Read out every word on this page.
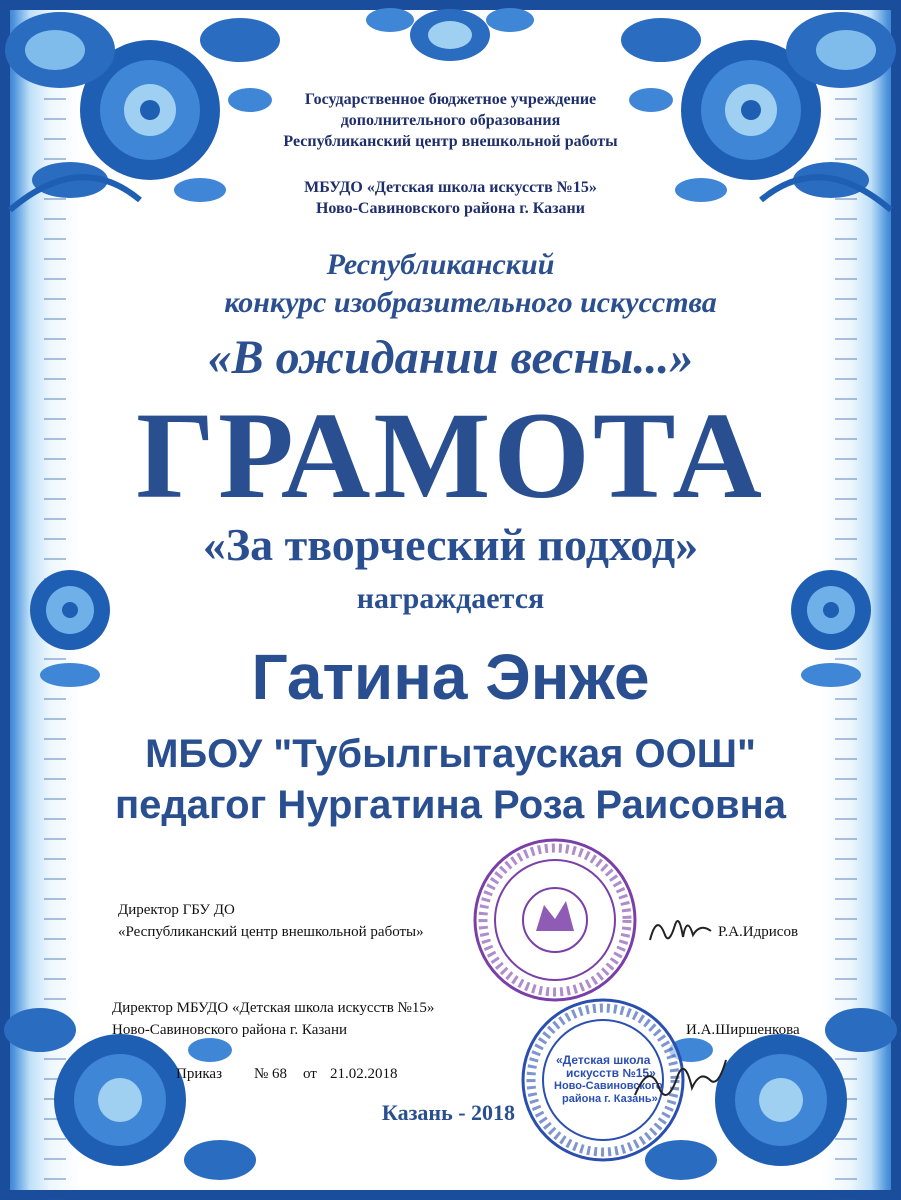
Государственное бюджетное учреждение
дополнительного образования
Республиканский центр внешкольной работы
МБУДО «Детская школа искусств №15»
Ново-Савиновского района г. Казани
Республиканский
конкурс изобразительного искусства
«В ожидании весны...»
ГРАМОТА
«За творческий подход»
награждается
Гатина Энже
МБОУ "Тубылгытауская ООШ"
педагог Нургатина Роза Раисовна
Директор ГБУ ДО
«Республиканский центр внешкольной работы»	Р.А.Идрисов
Директор МБУДО «Детская школа искусств №15»
Ново-Савиновского района г. Казани	И.А.Ширшенкова
«Детская школа
искусств №15»
Ново-Савиновского
района г. Казань»
Приказ № 68 от 21.02.2018
Казань - 2018
